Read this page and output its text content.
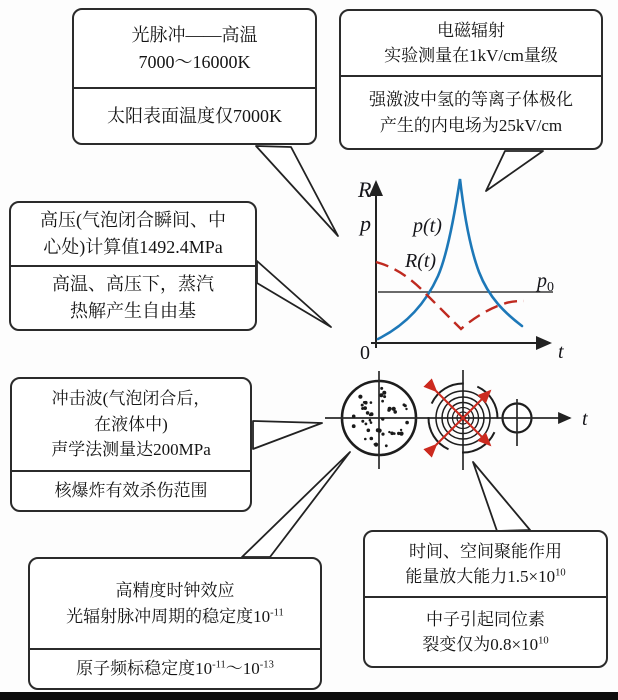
R
p p(t)
R(t)
$p_0$
0	t
t
光脉冲——高温
7000～16000K
太阳表面温度仅7000K
电磁辐射
实验测量在1kV/cm量级
强激波中氢的等离子体极化
产生的内电场为25kV/cm
高压(气泡闭合瞬间、中
心处)计算值1492.4MPa
高温、高压下，蒸汽
热解产生自由基
冲击波(气泡闭合后，
在液体中)
声学法测量达200MPa
核爆炸有效杀伤范围
高精度时钟效应
光辐射脉冲周期的稳定度$10^{-11}$
原子频标稳定度$10^{-11}\sim 10^{-13}$
时间、空间聚能作用
能量放大能力$1.5\times 10^{10}$
中子引起同位素
裂变仅为$0.8\times 10^{10}$
